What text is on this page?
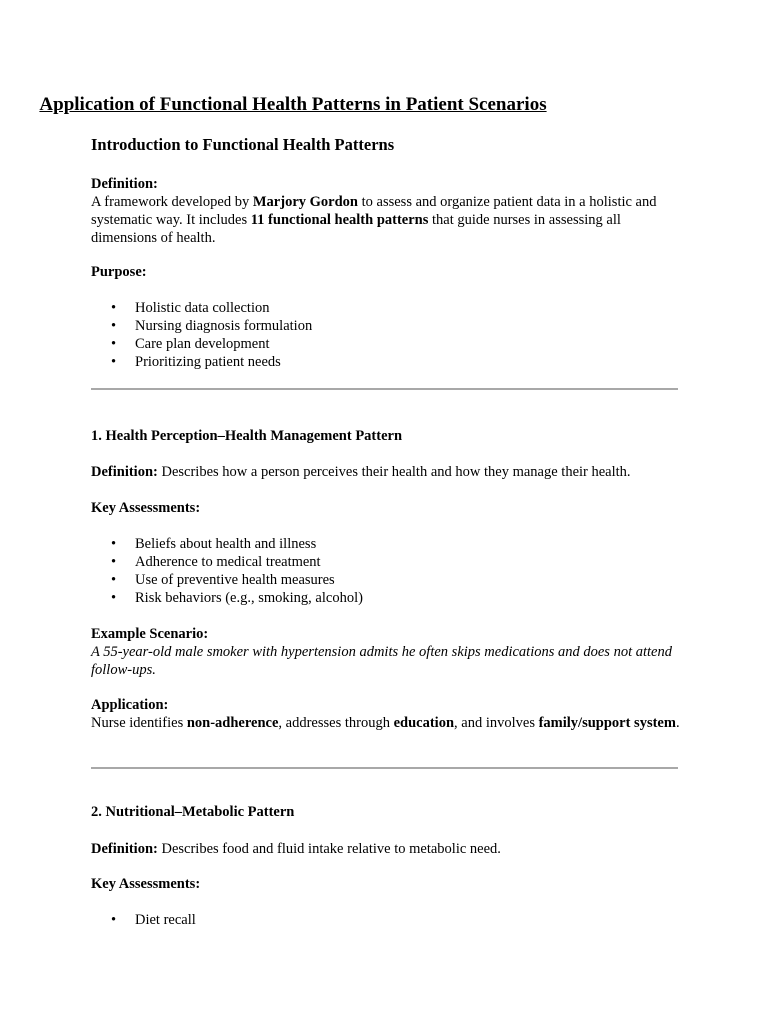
Application of Functional Health Patterns in Patient Scenarios
Introduction to Functional Health Patterns

Definition:

A framework developed by Marjory Gordon to assess and organize patient data in a holistic and systematic way. It includes 11 functional health patterns that guide nurses in assessing all dimensions of health.

Purpose:

• Holistic data collection
• Nursing diagnosis formulation
• Care plan development
• Prioritizing patient needs
1. Health Perception–Health Management Pattern

Definition: Describes how a person perceives their health and how they manage their health.

Key Assessments:

• Beliefs about health and illness
• Adherence to medical treatment
• Use of preventive health measures
• Risk behaviors (e.g., smoking, alcohol)

Example Scenario:

A 55-year-old male smoker with hypertension admits he often skips medications and does not attend follow-ups.

Application:

Nurse identifies non-adherence, addresses through education, and involves family/support system.

2. Nutritional–Metabolic Pattern

Definition: Describes food and fluid intake relative to metabolic need.

Key Assessments:

• Diet recall
